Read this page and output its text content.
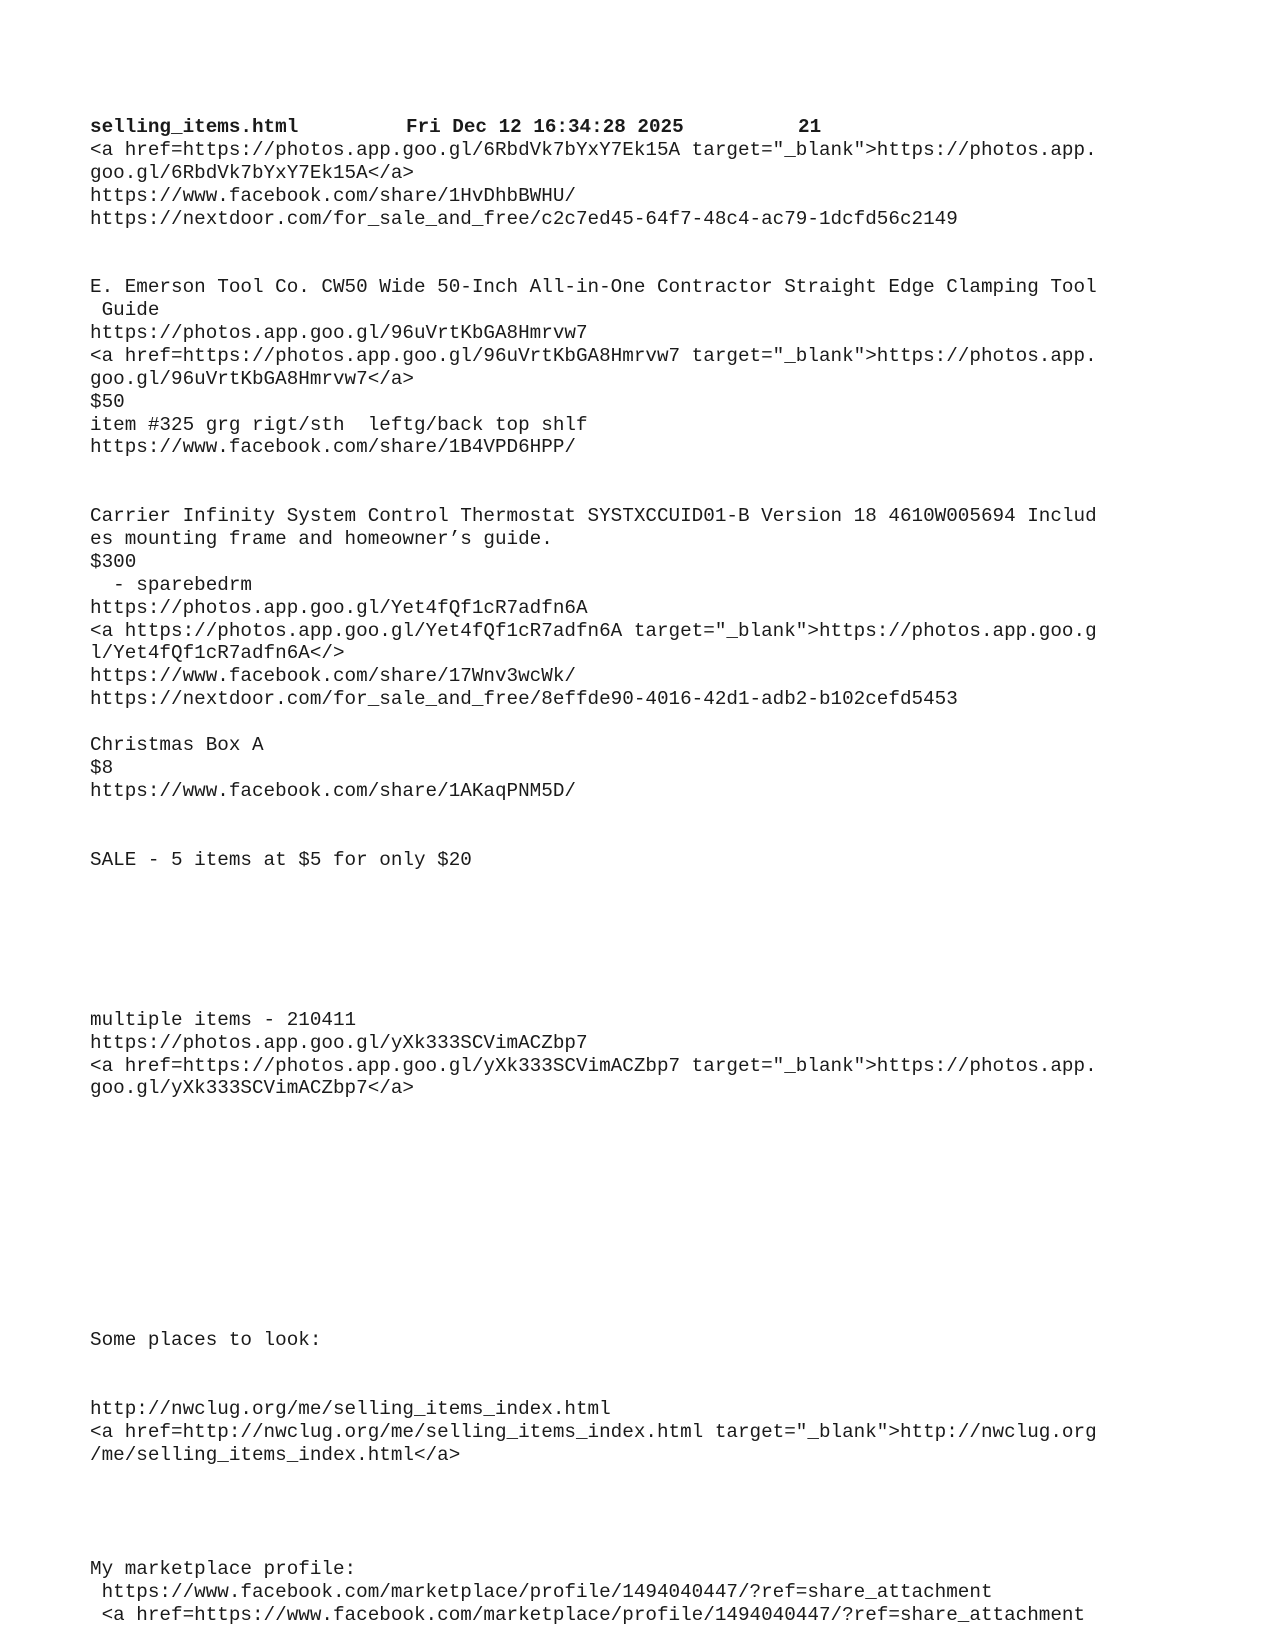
selling_items.html	Fri Dec 12 16:34:28 2025	21
<a href=https://photos.app.goo.gl/6RbdVk7bYxY7Ek15A target="_blank">https://photos.app.
goo.gl/6RbdVk7bYxY7Ek15A</a>
https://www.facebook.com/share/1HvDhbBWHU/
https://nextdoor.com/for_sale_and_free/c2c7ed45-64f7-48c4-ac79-1dcfd56c2149
E. Emerson Tool Co. CW50 Wide 50-Inch All-in-One Contractor Straight Edge Clamping Tool
Guide
https://photos.app.goo.gl/96uVrtKbGA8Hmrvw7
<a href=https://photos.app.goo.gl/96uVrtKbGA8Hmrvw7 target="_blank">https://photos.app.
goo.gl/96uVrtKbGA8Hmrvw7</a>
$50
item #325 grg rigt/sth  leftg/back top shlf
https://www.facebook.com/share/1B4VPD6HPP/
Carrier Infinity System Control Thermostat SYSTXCCUID01-B Version 18 4610W005694 Includ
es mounting frame and homeowner’s guide.
$300
- sparebedrm
https://photos.app.goo.gl/Yet4fQf1cR7adfn6A
<a https://photos.app.goo.gl/Yet4fQf1cR7adfn6A target="_blank">https://photos.app.goo.g
l/Yet4fQf1cR7adfn6A</>
https://www.facebook.com/share/17Wnv3wcWk/
https://nextdoor.com/for_sale_and_free/8effde90-4016-42d1-adb2-b102cefd5453
Christmas Box A
$8
https://www.facebook.com/share/1AKaqPNM5D/
SALE - 5 items at $5 for only $20
multiple items - 210411
https://photos.app.goo.gl/yXk333SCVimACZbp7
<a href=https://photos.app.goo.gl/yXk333SCVimACZbp7 target="_blank">https://photos.app.
goo.gl/yXk333SCVimACZbp7</a>
Some places to look:
http://nwclug.org/me/selling_items_index.html
<a href=http://nwclug.org/me/selling_items_index.html target="_blank">http://nwclug.org
/me/selling_items_index.html</a>
My marketplace profile:
https://www.facebook.com/marketplace/profile/1494040447/?ref=share_attachment
<a href=https://www.facebook.com/marketplace/profile/1494040447/?ref=share_attachment
